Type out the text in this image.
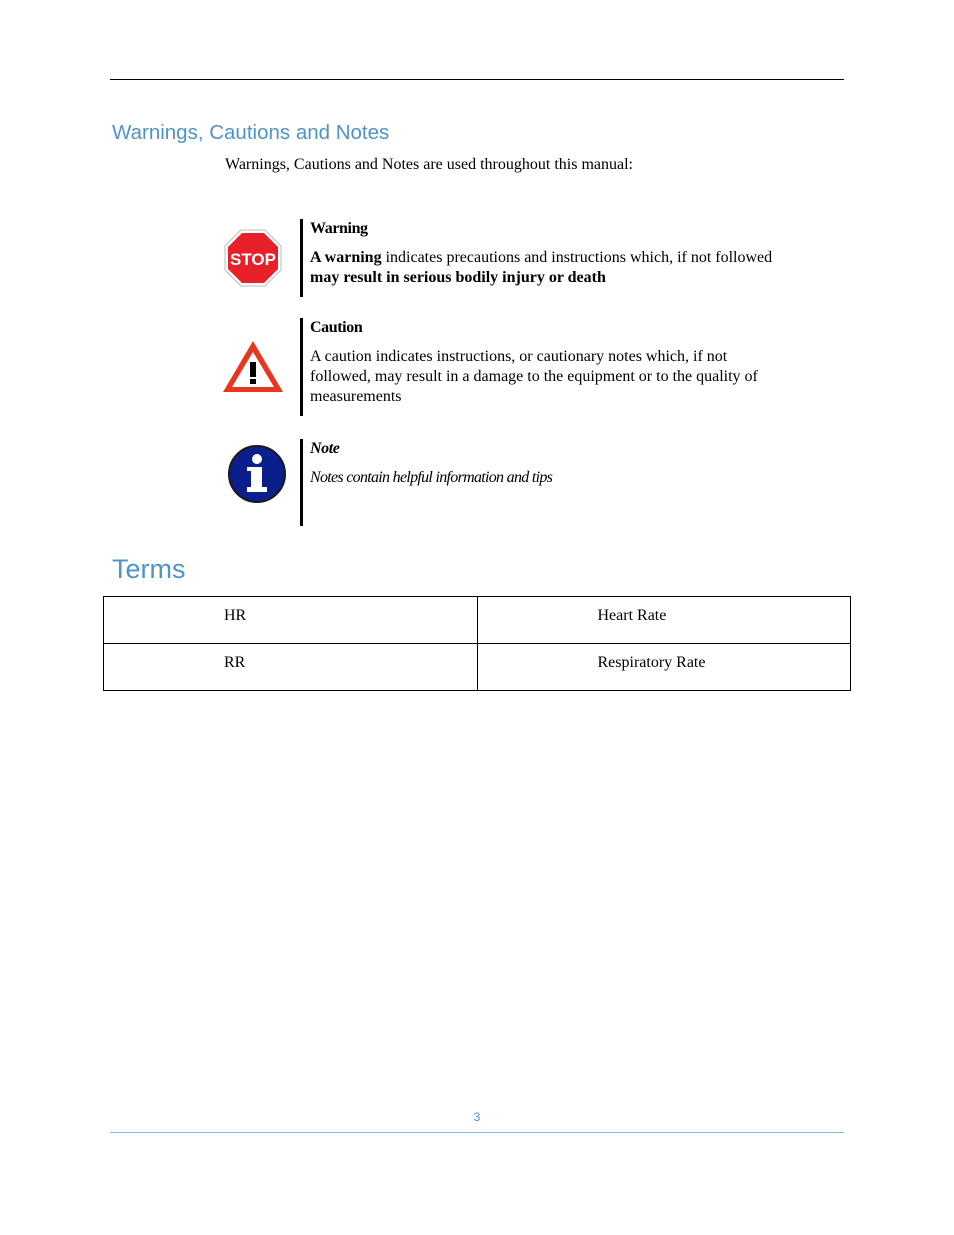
Warnings, Cautions and Notes
Warnings, Cautions and Notes are used throughout this manual:
STOP
Warning

A warning indicates precautions and instructions which, if not followed may result in serious bodily injury or death

Caution

A caution indicates instructions, or cautionary notes which, if not followed, may result in a damage to the equipment or to the quality of measurements

Note

Notes contain helpful information and tips

Terms
HR	Heart Rate
RR	Respiratory Rate
3
